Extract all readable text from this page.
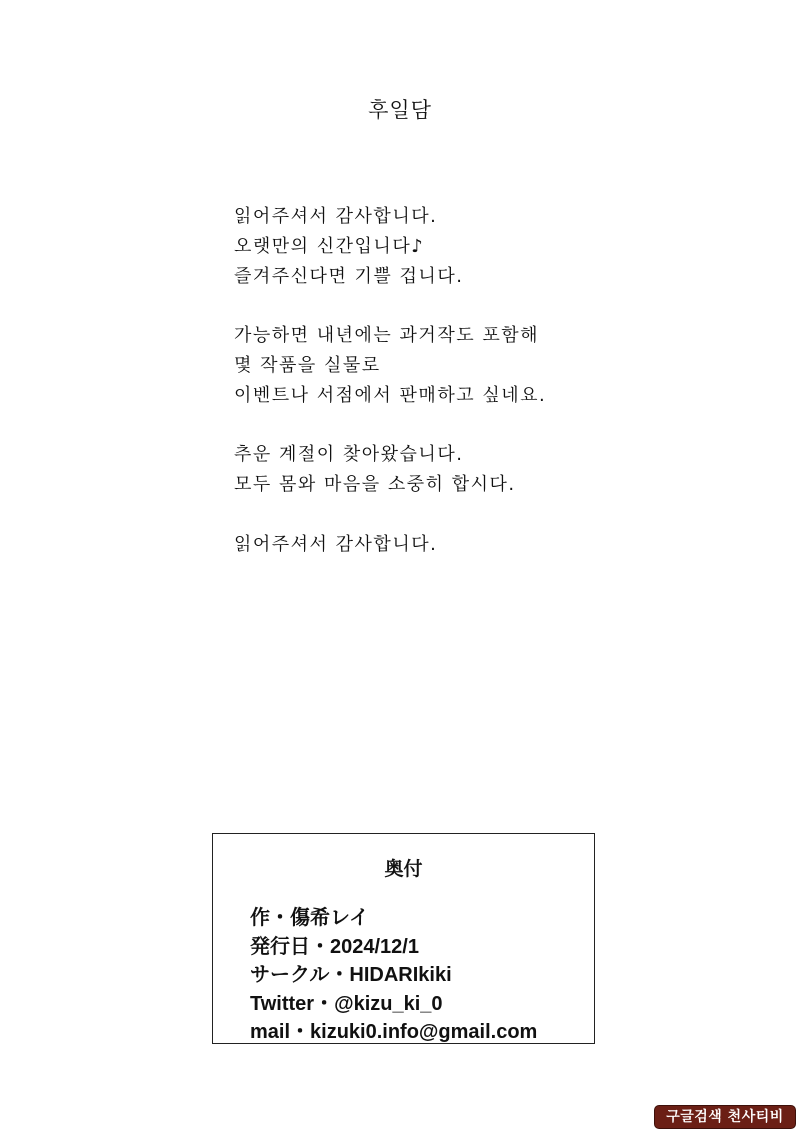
후일담
읽어주셔서 감사합니다.
오랫만의 신간입니다♪
즐겨주신다면 기쁠 겁니다.
가능하면 내년에는 과거작도 포함해
몇 작품을 실물로
이벤트나 서점에서 판매하고 싶네요.
추운 계절이 찾아왔습니다.
모두 몸와 마음을 소중히 합시다.
읽어주셔서 감사합니다.
奥付
作・傷希レイ
発行日・2024/12/1
サークル・HIDARIkiki
Twitter・@kizu_ki_0
mail・kizuki0.info@gmail.com
구글검색 천사티비
